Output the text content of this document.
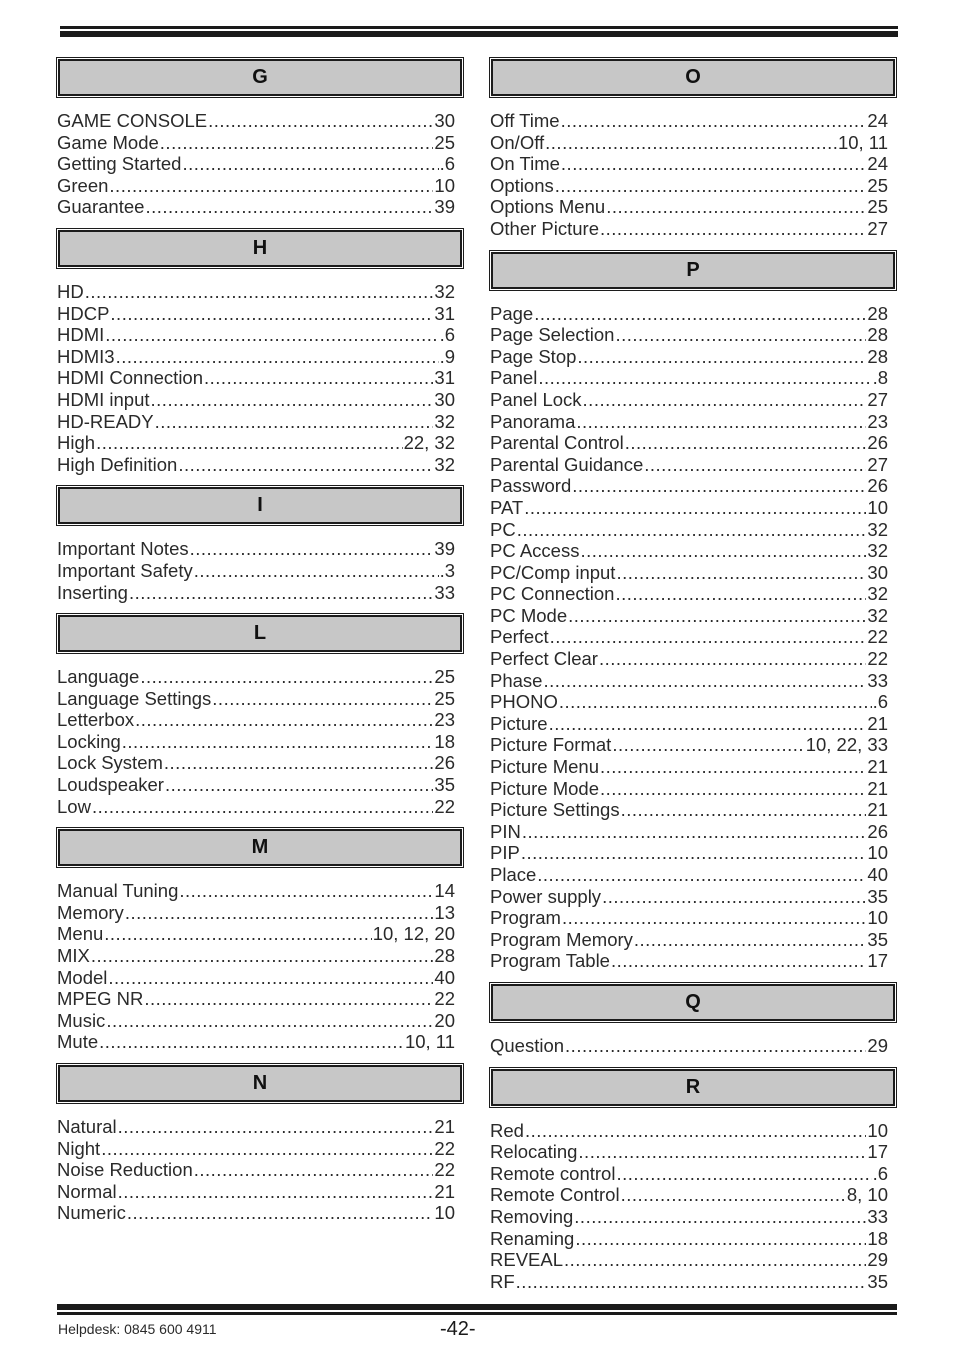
G
GAME CONSOLE .....	30
Game Mode .....	25
Getting Started .....	.6
Green .....	10
Guarantee .....	39
H
HD .....	32
HDCP .....	31
HDMI .....	.6
HDMI3 .....	.9
HDMI Connection .....	31
HDMI input .....	30
HD-READY .....	32
High .....	22, 32
High Definition .....	32
I
Important Notes .....	39
Important Safety .....	.3
Inserting .....	33
L
Language .....	25
Language Settings .....	25
Letterbox .....	23
Locking .....	18
Lock System .....	26
Loudspeaker .....	35
Low .....	22
M
Manual Tuning .....	14
Memory .....	13
Menu .....	10, 12, 20
MIX .....	28
Model .....	40
MPEG NR .....	22
Music .....	20
Mute .....	10, 11
N
Natural .....	21
Night .....	22
Noise Reduction .....	22
Normal .....	21
Numeric .....	10
O
Off Time .....	24
On/Off .....	10, 11
On Time .....	24
Options .....	25
Options Menu .....	25
Other Picture .....	27
P
Page .....	28
Page Selection .....	28
Page Stop .....	28
Panel .....	.8
Panel Lock .....	27
Panorama .....	23
Parental Control .....	26
Parental Guidance .....	27
Password .....	26
PAT .....	10
PC .....	32
PC Access .....	32
PC/Comp input .....	30
PC Connection .....	32
PC Mode .....	32
Perfect .....	22
Perfect Clear .....	22
Phase .....	33
PHONO .....	.6
Picture .....	21
Picture Format .....	10, 22, 33
Picture Menu .....	21
Picture Mode .....	21
Picture Settings .....	21
PIN .....	26
PIP .....	10
Place .....	40
Power supply .....	35
Program .....	10
Program Memory .....	35
Program Table .....	17
Q
Question .....	29
R
Red .....	10
Relocating .....	17
Remote control .....	.6
Remote Control .....	8, 10
Removing .....	33
Renaming .....	18
REVEAL .....	29
RF .....	35
Helpdesk: 0845 600 4911	-42-
